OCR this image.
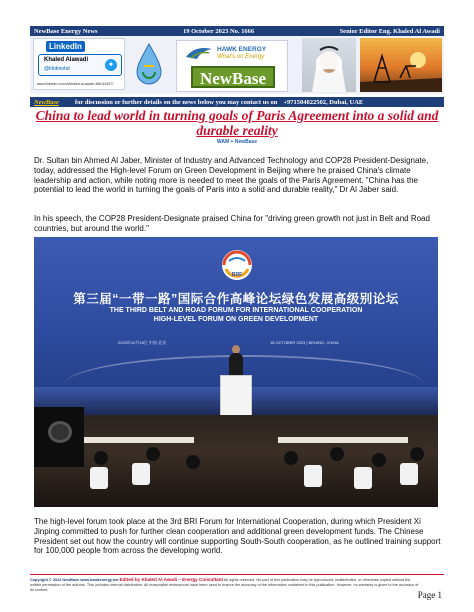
NewBase Energy News	19 October 2023 No. 1666	Senior Editor Eng. Khaled Al Awadi
LinkedIn
Khaled Alawadi
@khdmohd	✦
www.linkedin.com/in/khaled-al-awadi-38b11b517/
HAWK ENERGY
What's on Energy
NewBase
NewBase for discussion or further details on the news below you may contact us on +971504822502, Dubai, UAE
China to lead world in turning goals of Paris Agreement into a solid and durable reality
WAM + NewBase
Dr. Sultan bin Ahmed Al Jaber, Minister of Industry and Advanced Technology and COP28 President-Designate, today, addressed the High-level Forum on Green Development in Beijing where he praised China's climate leadership and action, while noting more is needed to meet the goals of the Paris Agreement. "China has the potential to lead the world in turning the goals of Paris into a solid and durable reality," Dr Al Jaber said.
In his speech, the COP28 President-Designate praised China for "driving green growth not just in Belt and Road countries, but around the world."
BRF
第三届“一带一路”国际合作高峰论坛绿色发展高级别论坛
THE THIRD BELT AND ROAD FORUM FOR INTERNATIONAL COOPERATION
HIGH-LEVEL FORUM ON GREEN DEVELOPMENT
2023年10月18日 中国·北京	18 OCTOBER 2023 | BEIJING, CHINA
The high-level forum took place at the 3rd BRI Forum for International Cooperation, during which President Xi Jinping committed to push for further clean cooperation and additional green development funds. The Chinese President set out how the country will continue supporting South-South cooperation, as he outlined training support for 100,000 people from across the developing world.
Copyright © 2023 NewBase www.hawkenergy.net Edited by Khaled Al Awadi – Energy Consultant All rights reserved. No part of this publication may be reproduced, redistributed, or otherwise copied without the written permission of the authors. This includes internal distribution. All reasonable endeavours have been used to ensure the accuracy of the information contained in this publication. However, no warranty is given to the accuracy of its content.	Page 1
